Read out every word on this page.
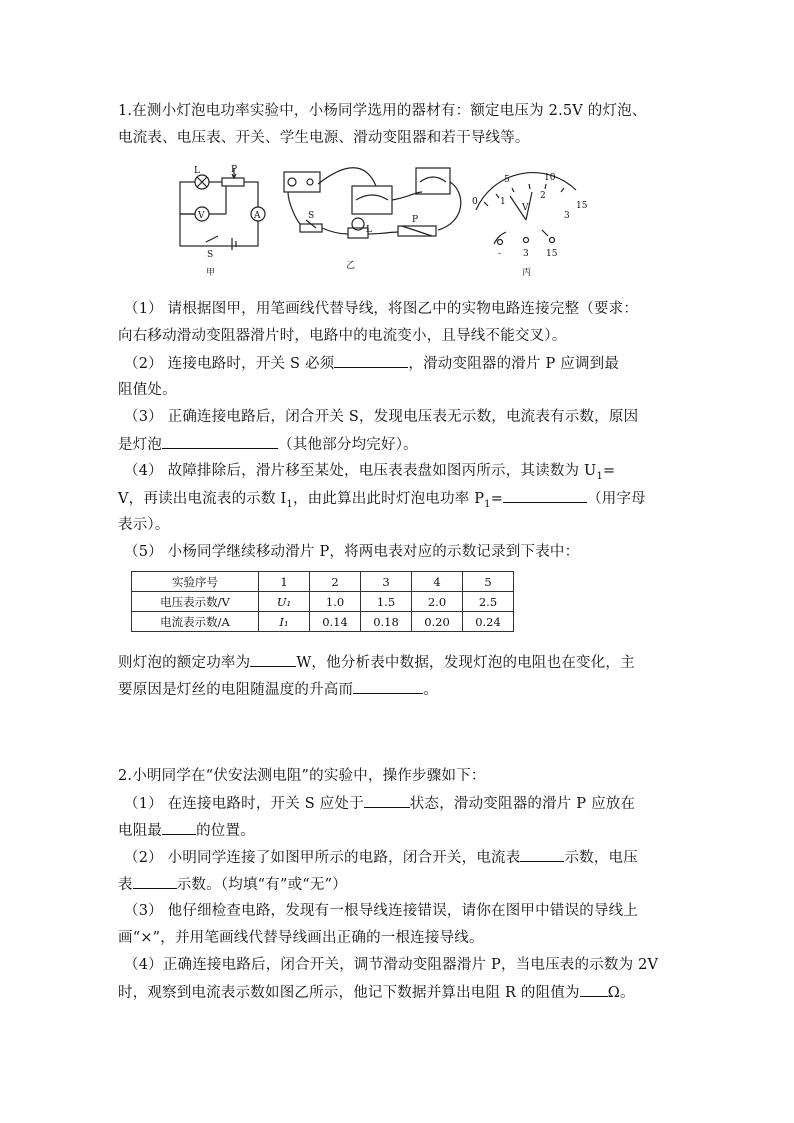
1.在测小灯泡电功率实验中，小杨同学选用的器材有：额定电压为 2.5V 的灯泡、
电流表、电压表、开关、学生电源、滑动变阻器和若干导线等。
L	P
V	A
S
甲
S
L
P
乙
0
5	10
15
1
2
3
V
- 3 15
丙
（1） 请根据图甲，用笔画线代替导线，将图乙中的实物电路连接完整（要求：
向右移动滑动变阻器滑片时，电路中的电流变小，且导线不能交叉）。
（2） 连接电路时，开关 S 必须	，滑动变阻器的滑片 P 应调到最
阻值处。
（3） 正确连接电路后，闭合开关 S，发现电压表无示数，电流表有示数，原因
是灯泡	（其他部分均完好）。
（4） 故障排除后，滑片移至某处，电压表表盘如图丙所示，其读数为 $U_1=$
V，再读出电流表的示数 $I_1$，由此算出此时灯泡电功率 $P_1=$	（用字母
表示）。
（5） 小杨同学继续移动滑片 P，将两电表对应的示数记录到下表中：
实验序号	1	2	3	4	5
电压表示数/V	U₁	1.0	1.5	2.0	2.5
电流表示数/A	I₁	0.14	0.18	0.20	0.24
则灯泡的额定功率为	W，他分析表中数据，发现灯泡的电阻也在变化，主
要原因是灯丝的电阻随温度的升高而	。
2.小明同学在“伏安法测电阻”的实验中，操作步骤如下：
（1） 在连接电路时，开关 S 应处于	状态，滑动变阻器的滑片 P 应放在
电阻最 的位置。
（2） 小明同学连接了如图甲所示的电路，闭合开关，电流表	示数，电压
表	示数。（均填“有”或“无”）
（3） 他仔细检查电路，发现有一根导线连接错误，请你在图甲中错误的导线上
画“×”，并用笔画线代替导线画出正确的一根连接导线。
（4）正确连接电路后，闭合开关，调节滑动变阻器滑片 P，当电压表的示数为 2V
时，观察到电流表示数如图乙所示，他记下数据并算出电阻 R 的阻值为 Ω。
